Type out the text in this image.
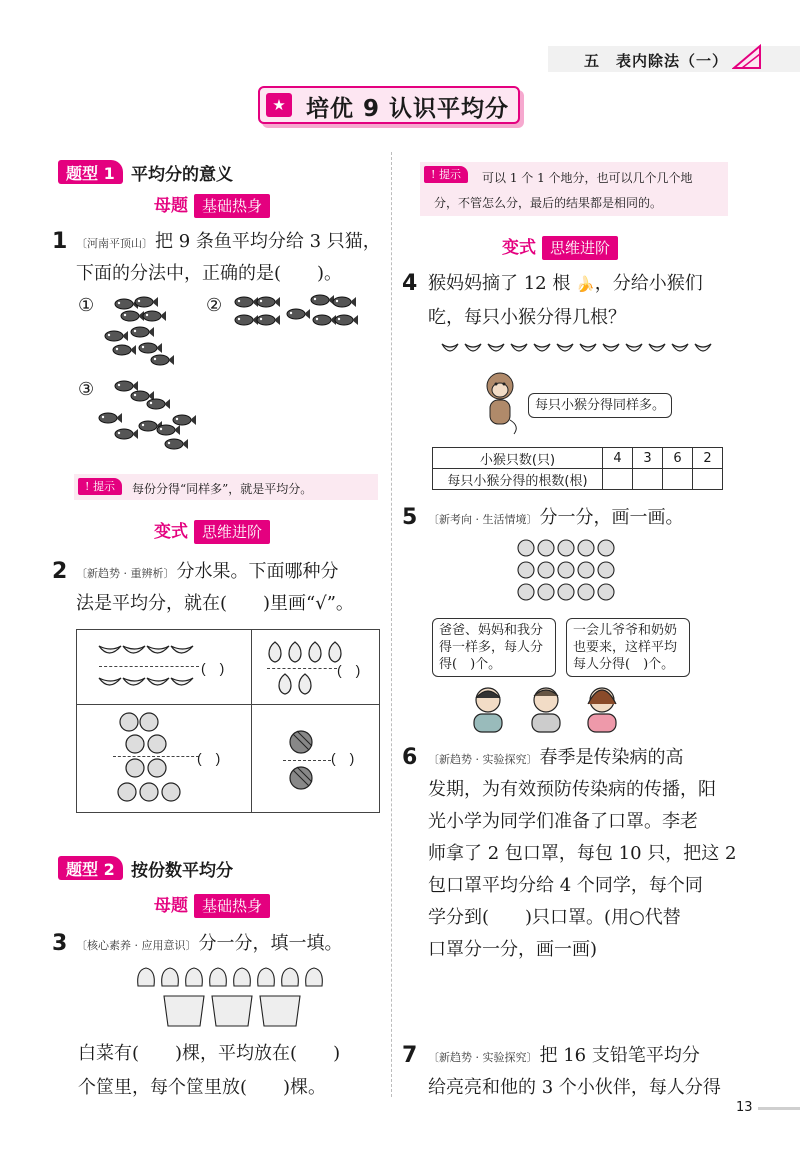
五　表内除法（一）
★ 培优 9 认识平均分
题型 1 平均分的意义
母题 基础热身
1 〔河南平顶山〕 把 9 条鱼平均分给 3 只猫，
下面的分法中，正确的是(　　)。
①	②
③
! 提示	每份分得“同样多”，就是平均分。
变式 思维进阶
2 〔新趋势 · 重辨析〕 分水果。下面哪种分
法是平均分，就在(　　)里画“√”。
(　)	(　)
(　)	(　)
题型 2 按份数平均分
母题 基础热身
3 〔核心素养 · 应用意识〕 分一分，填一填。
白菜有(　　)棵，平均放在(　　)
个筐里，每个筐里放(　　)棵。
! 提示	可以 1 个 1 个地分，也可以几个几个地
分，不管怎么分，最后的结果都是相同的。
变式 思维进阶
4 猴妈妈摘了 12 根 🍌，分给小猴们
吃，每只小猴分得几根？
每只小猴分得同样多。
小猴只数(只)	4	3	6	2
每只小猴分得的根数(根)				
5 〔新考向 · 生活情境〕 分一分，画一画。
爸爸、妈妈和我分
得一样多，每人分
得(　)个。
一会儿爷爷和奶奶
也要来，这样平均
每人分得(　)个。
6 〔新趋势 · 实验探究〕 春季是传染病的高
发期，为有效预防传染病的传播，阳
光小学为同学们准备了口罩。李老
师拿了 2 包口罩，每包 10 只，把这 2
包口罩平均分给 4 个同学，每个同
学分到(　　)只口罩。(用○代替
口罩分一分，画一画)
7 〔新趋势 · 实验探究〕 把 16 支铅笔平均分
给亮亮和他的 3 个小伙伴，每人分得
13
